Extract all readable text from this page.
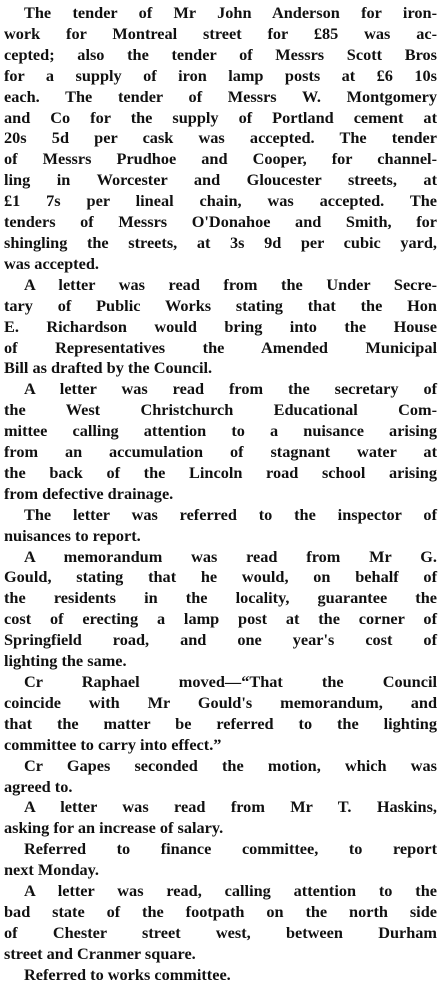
The tender of Mr John Anderson for iron-
work for Montreal street for £85 was ac-
cepted; also the tender of Messrs Scott Bros
for a supply of iron lamp posts at £6 10s
each. The tender of Messrs W. Montgomery
and Co for the supply of Portland cement at
20s 5d per cask was accepted. The tender
of Messrs Prudhoe and Cooper, for channel-
ling in Worcester and Gloucester streets, at
£1 7s per lineal chain, was accepted. The
tenders of Messrs O'Donahoe and Smith, for
shingling the streets, at 3s 9d per cubic yard,
was accepted.
A letter was read from the Under Secre-
tary of Public Works stating that the Hon
E. Richardson would bring into the House
of Representatives the Amended Municipal
Bill as drafted by the Council.
A letter was read from the secretary of
the West Christchurch Educational Com-
mittee calling attention to a nuisance arising
from an accumulation of stagnant water at
the back of the Lincoln road school arising
from defective drainage.
The letter was referred to the inspector of
nuisances to report.
A memorandum was read from Mr G.
Gould, stating that he would, on behalf of
the residents in the locality, guarantee the
cost of erecting a lamp post at the corner of
Springfield road, and one year's cost of
lighting the same.
Cr Raphael moved—“That the Council
coincide with Mr Gould's memorandum, and
that the matter be referred to the lighting
committee to carry into effect.”
Cr Gapes seconded the motion, which was
agreed to.
A letter was read from Mr T. Haskins,
asking for an increase of salary.
Referred to finance committee, to report
next Monday.
A letter was read, calling attention to the
bad state of the footpath on the north side
of Chester street west, between Durham
street and Cranmer square.
Referred to works committee.
